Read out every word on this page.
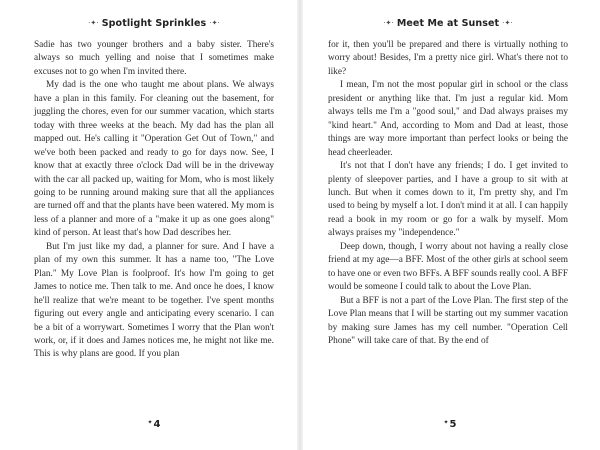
·✦· Spotlight Sprinkles ·✦·

Sadie has two younger brothers and a baby sister. There's always so much yelling and noise that I sometimes make excuses not to go when I'm invited there.

My dad is the one who taught me about plans. We always have a plan in this family. For cleaning out the basement, for juggling the chores, even for our summer vacation, which starts today with three weeks at the beach. My dad has the plan all mapped out. He's calling it "Operation Get Out of Town," and we've both been packed and ready to go for days now. See, I know that at exactly three o'clock Dad will be in the driveway with the car all packed up, waiting for Mom, who is most likely going to be running around making sure that all the appliances are turned off and that the plants have been watered. My mom is less of a planner and more of a "make it up as one goes along" kind of person. At least that's how Dad describes her.

But I'm just like my dad, a planner for sure. And I have a plan of my own this summer. It has a name too, "The Love Plan." My Love Plan is foolproof. It's how I'm going to get James to notice me. Then talk to me. And once he does, I know he'll realize that we're meant to be together. I've spent months figuring out every angle and anticipating every scenario. I can be a bit of a worrywart. Sometimes I worry that the Plan won't work, or, if it does and James notices me, he might not like me. This is why plans are good. If you plan

✦4
·✦· Meet Me at Sunset ·✦·

for it, then you'll be prepared and there is virtually nothing to worry about! Besides, I'm a pretty nice girl. What's there not to like?

I mean, I'm not the most popular girl in school or the class president or anything like that. I'm just a regular kid. Mom always tells me I'm a "good soul," and Dad always praises my "kind heart." And, according to Mom and Dad at least, those things are way more important than perfect looks or being the head cheerleader.

It's not that I don't have any friends; I do. I get invited to plenty of sleepover parties, and I have a group to sit with at lunch. But when it comes down to it, I'm pretty shy, and I'm used to being by myself a lot. I don't mind it at all. I can happily read a book in my room or go for a walk by myself. Mom always praises my "independence."

Deep down, though, I worry about not having a really close friend at my age—a BFF. Most of the other girls at school seem to have one or even two BFFs. A BFF sounds really cool. A BFF would be someone I could talk to about the Love Plan.

But a BFF is not a part of the Love Plan. The first step of the Love Plan means that I will be starting out my summer vacation by making sure James has my cell number. "Operation Cell Phone" will take care of that. By the end of

✦5
